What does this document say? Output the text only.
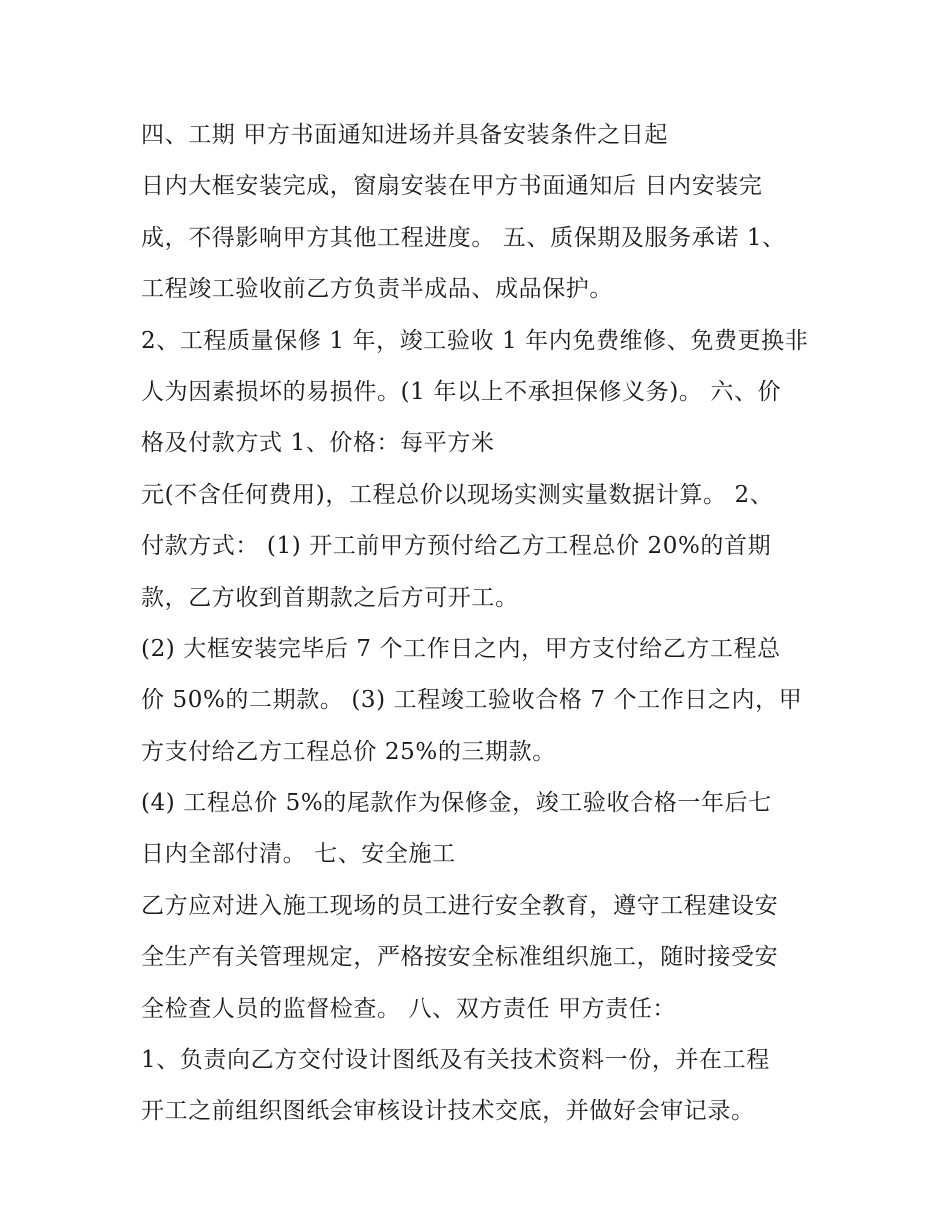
四、工期 甲方书面通知进场并具备安装条件之日起
日内大框安装完成，窗扇安装在甲方书面通知后 日内安装完
成，不得影响甲方其他工程进度。 五、质保期及服务承诺 1、
工程竣工验收前乙方负责半成品、成品保护。
2、工程质量保修 1 年，竣工验收 1 年内免费维修、免费更换非
人为因素损坏的易损件。(1 年以上不承担保修义务)。 六、价
格及付款方式 1、价格：每平方米
元(不含任何费用)，工程总价以现场实测实量数据计算。 2、
付款方式： (1) 开工前甲方预付给乙方工程总价 20%的首期
款，乙方收到首期款之后方可开工。
(2) 大框安装完毕后 7 个工作日之内，甲方支付给乙方工程总
价 50%的二期款。 (3) 工程竣工验收合格 7 个工作日之内，甲
方支付给乙方工程总价 25%的三期款。
(4) 工程总价 5%的尾款作为保修金，竣工验收合格一年后七
日内全部付清。 七、安全施工
乙方应对进入施工现场的员工进行安全教育，遵守工程建设安
全生产有关管理规定，严格按安全标准组织施工，随时接受安
全检查人员的监督检查。 八、双方责任 甲方责任：
1、负责向乙方交付设计图纸及有关技术资料一份，并在工程
开工之前组织图纸会审核设计技术交底，并做好会审记录。
